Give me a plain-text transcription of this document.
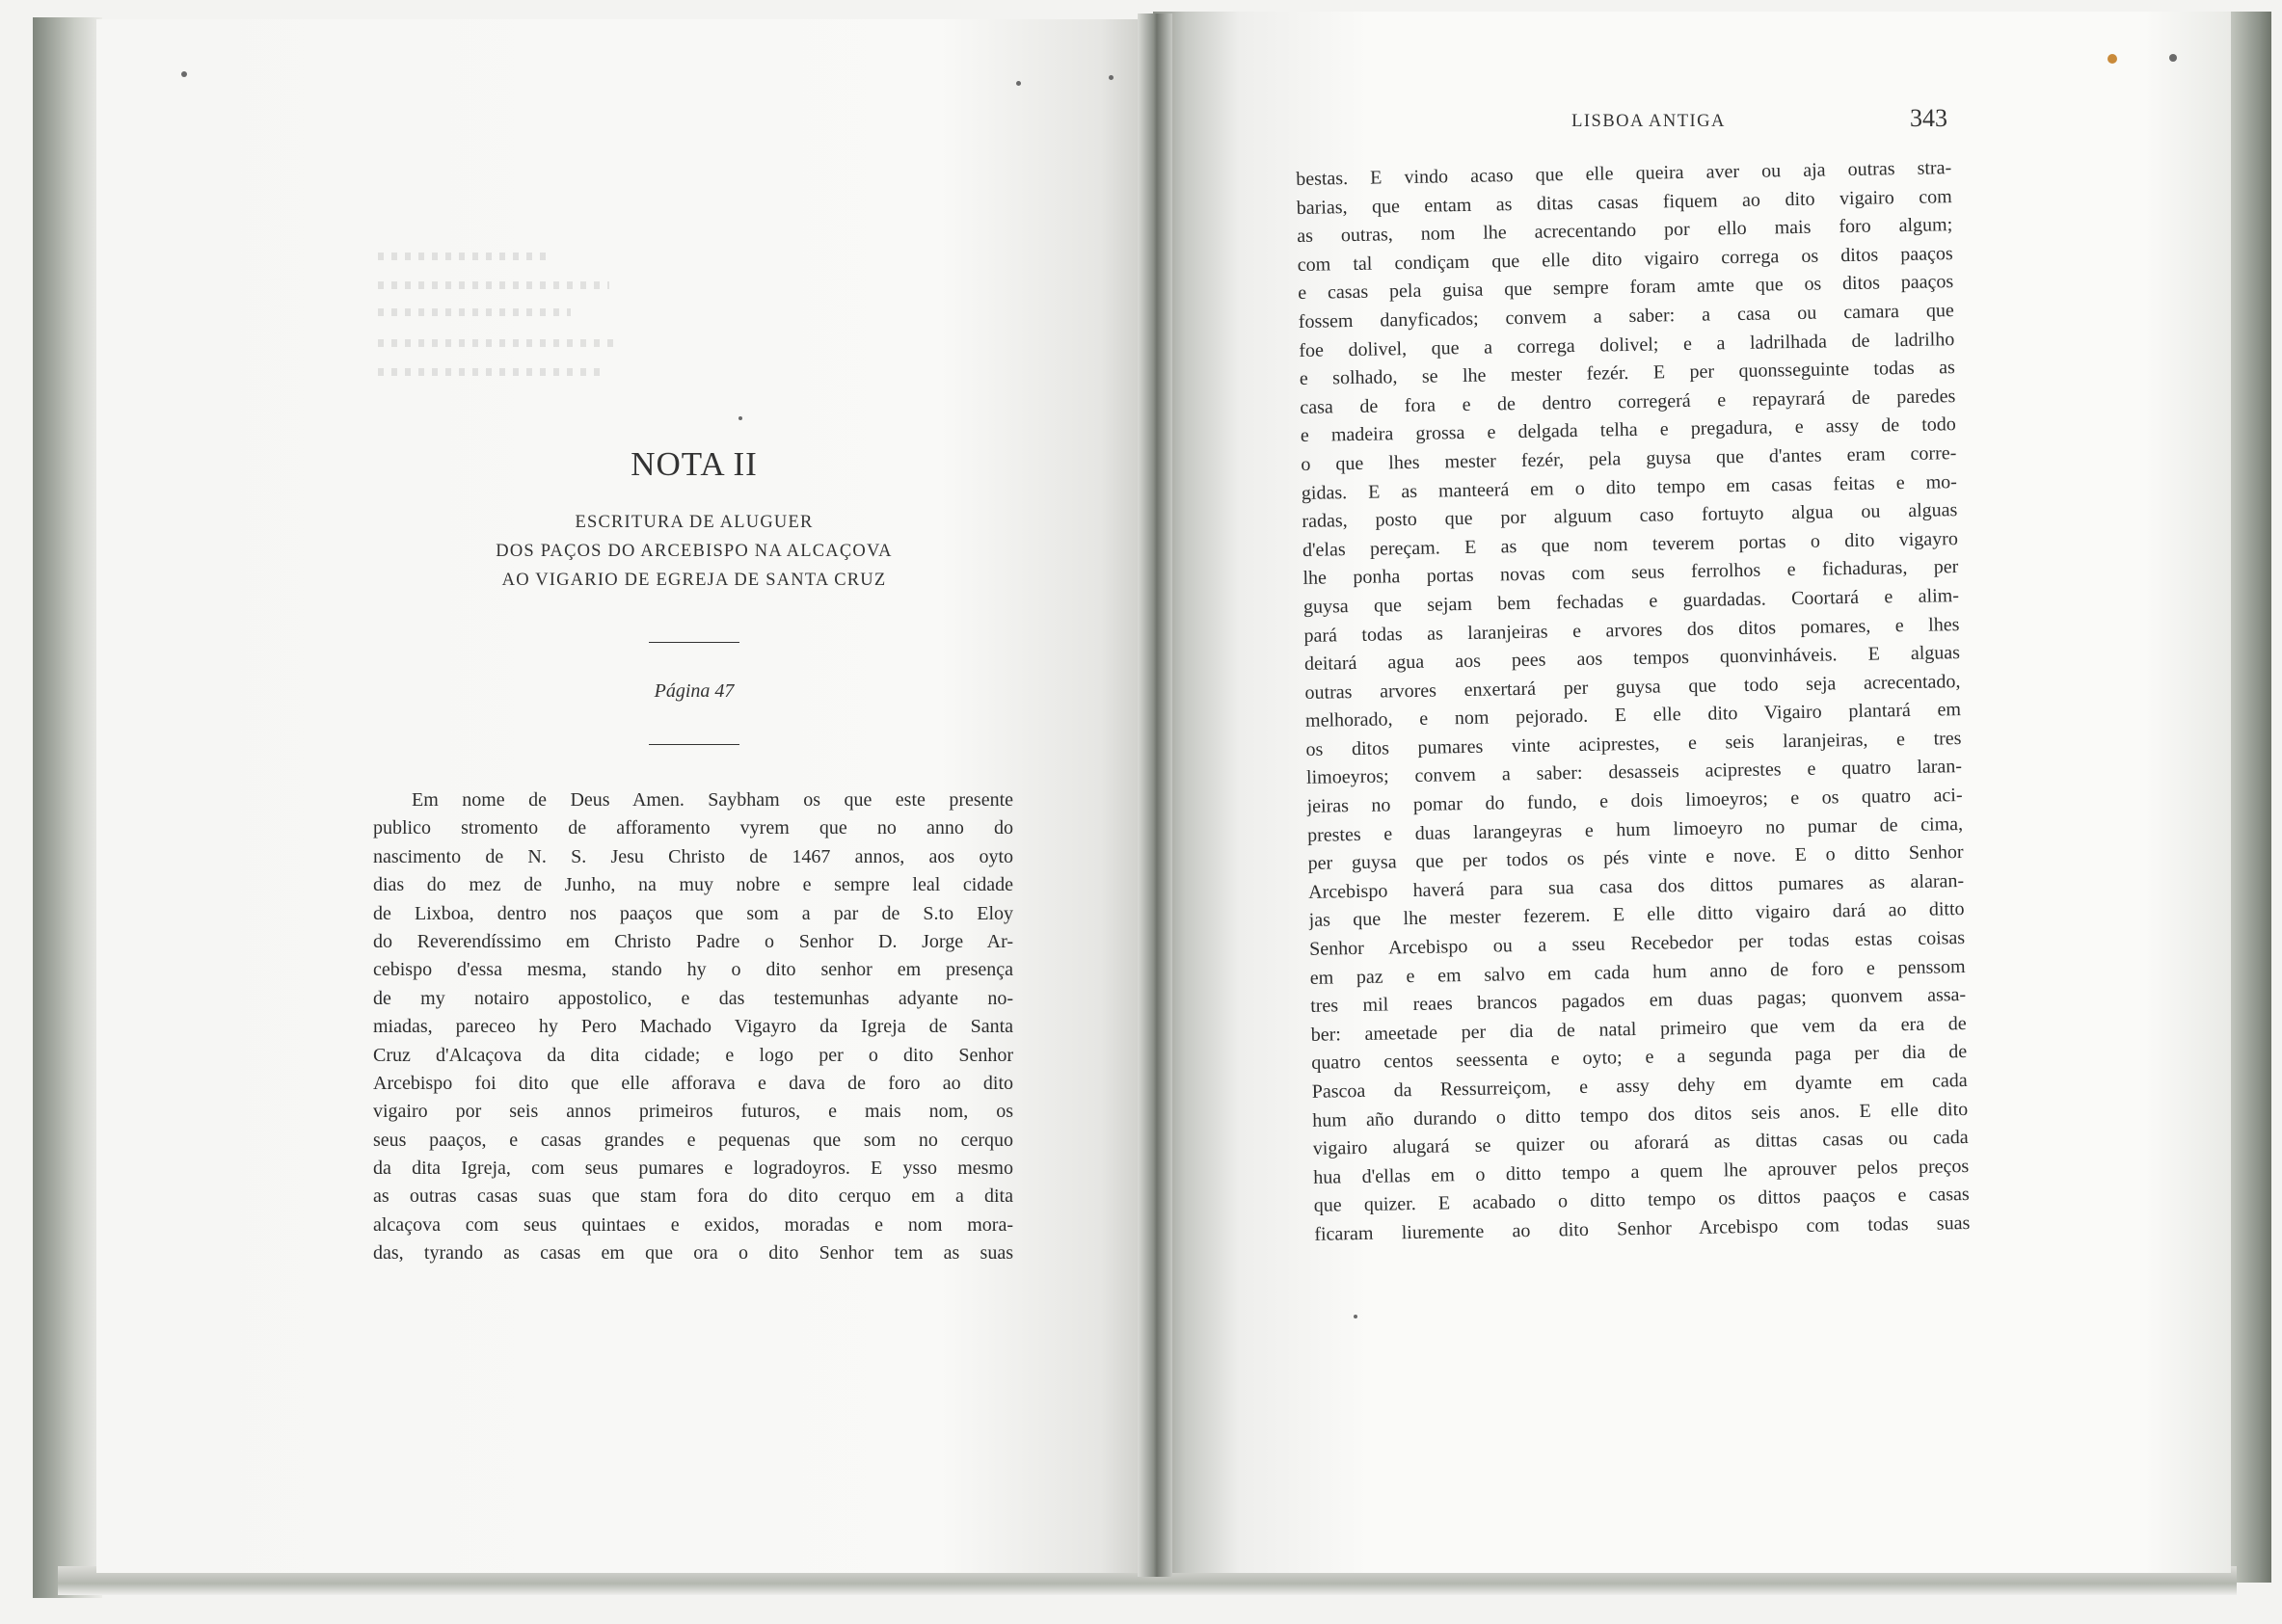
NOTA II
ESCRITURA DE ALUGUER
DOS PAÇOS DO ARCEBISPO NA ALCAÇOVA
AO VIGARIO DE EGREJA DE SANTA CRUZ
Página 47
Em nome de Deus Amen. Saybham os que este presente
publico stromento de afforamento vyrem que no anno do
nascimento de N. S. Jesu Christo de 1467 annos, aos oyto
dias do mez de Junho, na muy nobre e sempre leal cidade
de Lixboa, dentro nos paaços que som a par de S.to Eloy
do Reverendíssimo em Christo Padre o Senhor D. Jorge Ar-
cebispo d'essa mesma, stando hy o dito senhor em presença
de my notairo appostolico, e das testemunhas adyante no-
miadas, pareceo hy Pero Machado Vigayro da Igreja de Santa
Cruz d'Alcaçova da dita cidade; e logo per o dito Senhor
Arcebispo foi dito que elle afforava e dava de foro ao dito
vigairo por seis annos primeiros futuros, e mais nom, os
seus paaços, e casas grandes e pequenas que som no cerquo
da dita Igreja, com seus pumares e logradoyros. E ysso mesmo
as outras casas suas que stam fora do dito cerquo em a dita
alcaçova com seus quintaes e exidos, moradas e nom mora-
das, tyrando as casas em que ora o dito Senhor tem as suas
LISBOA ANTIGA	343
bestas. E vindo acaso que elle queira aver ou aja outras stra-
barias, que entam as ditas casas fiquem ao dito vigairo com
as outras, nom lhe acrecentando por ello mais foro algum;
com tal condiçam que elle dito vigairo correga os ditos paaços
e casas pela guisa que sempre foram amte que os ditos paaços
fossem danyficados; convem a saber: a casa ou camara que
foe dolivel, que a correga dolivel; e a ladrilhada de ladrilho
e solhado, se lhe mester fezér. E per quonsseguinte todas as
casa de fora e de dentro corregerá e repayrará de paredes
e madeira grossa e delgada telha e pregadura, e assy de todo
o que lhes mester fezér, pela guysa que d'antes eram corre-
gidas. E as manteerá em o dito tempo em casas feitas e mo-
radas, posto que por alguum caso fortuyto algua ou alguas
d'elas pereçam. E as que nom teverem portas o dito vigayro
lhe ponha portas novas com seus ferrolhos e fichaduras, per
guysa que sejam bem fechadas e guardadas. Coortará e alim-
pará todas as laranjeiras e arvores dos ditos pomares, e lhes
deitará agua aos pees aos tempos quonvinháveis. E alguas
outras arvores enxertará per guysa que todo seja acrecentado,
melhorado, e nom pejorado. E elle dito Vigairo plantará em
os ditos pumares vinte aciprestes, e seis laranjeiras, e tres
limoeyros; convem a saber: desasseis aciprestes e quatro laran-
jeiras no pomar do fundo, e dois limoeyros; e os quatro aci-
prestes e duas larangeyras e hum limoeyro no pumar de cima,
per guysa que per todos os pés vinte e nove. E o ditto Senhor
Arcebispo haverá para sua casa dos dittos pumares as alaran-
jas que lhe mester fezerem. E elle ditto vigairo dará ao ditto
Senhor Arcebispo ou a sseu Recebedor per todas estas coisas
em paz e em salvo em cada hum anno de foro e penssom
tres mil reaes brancos pagados em duas pagas; quonvem assa-
ber: ameetade per dia de natal primeiro que vem da era de
quatro centos seessenta e oyto; e a segunda paga per dia de
Pascoa da Ressurreiçom, e assy dehy em dyamte em cada
hum año durando o ditto tempo dos ditos seis anos. E elle dito
vigairo alugará se quizer ou aforará as dittas casas ou cada
hua d'ellas em o ditto tempo a quem lhe aprouver pelos preços
que quizer. E acabado o ditto tempo os dittos paaços e casas
ficaram liuremente ao dito Senhor Arcebispo com todas suas
